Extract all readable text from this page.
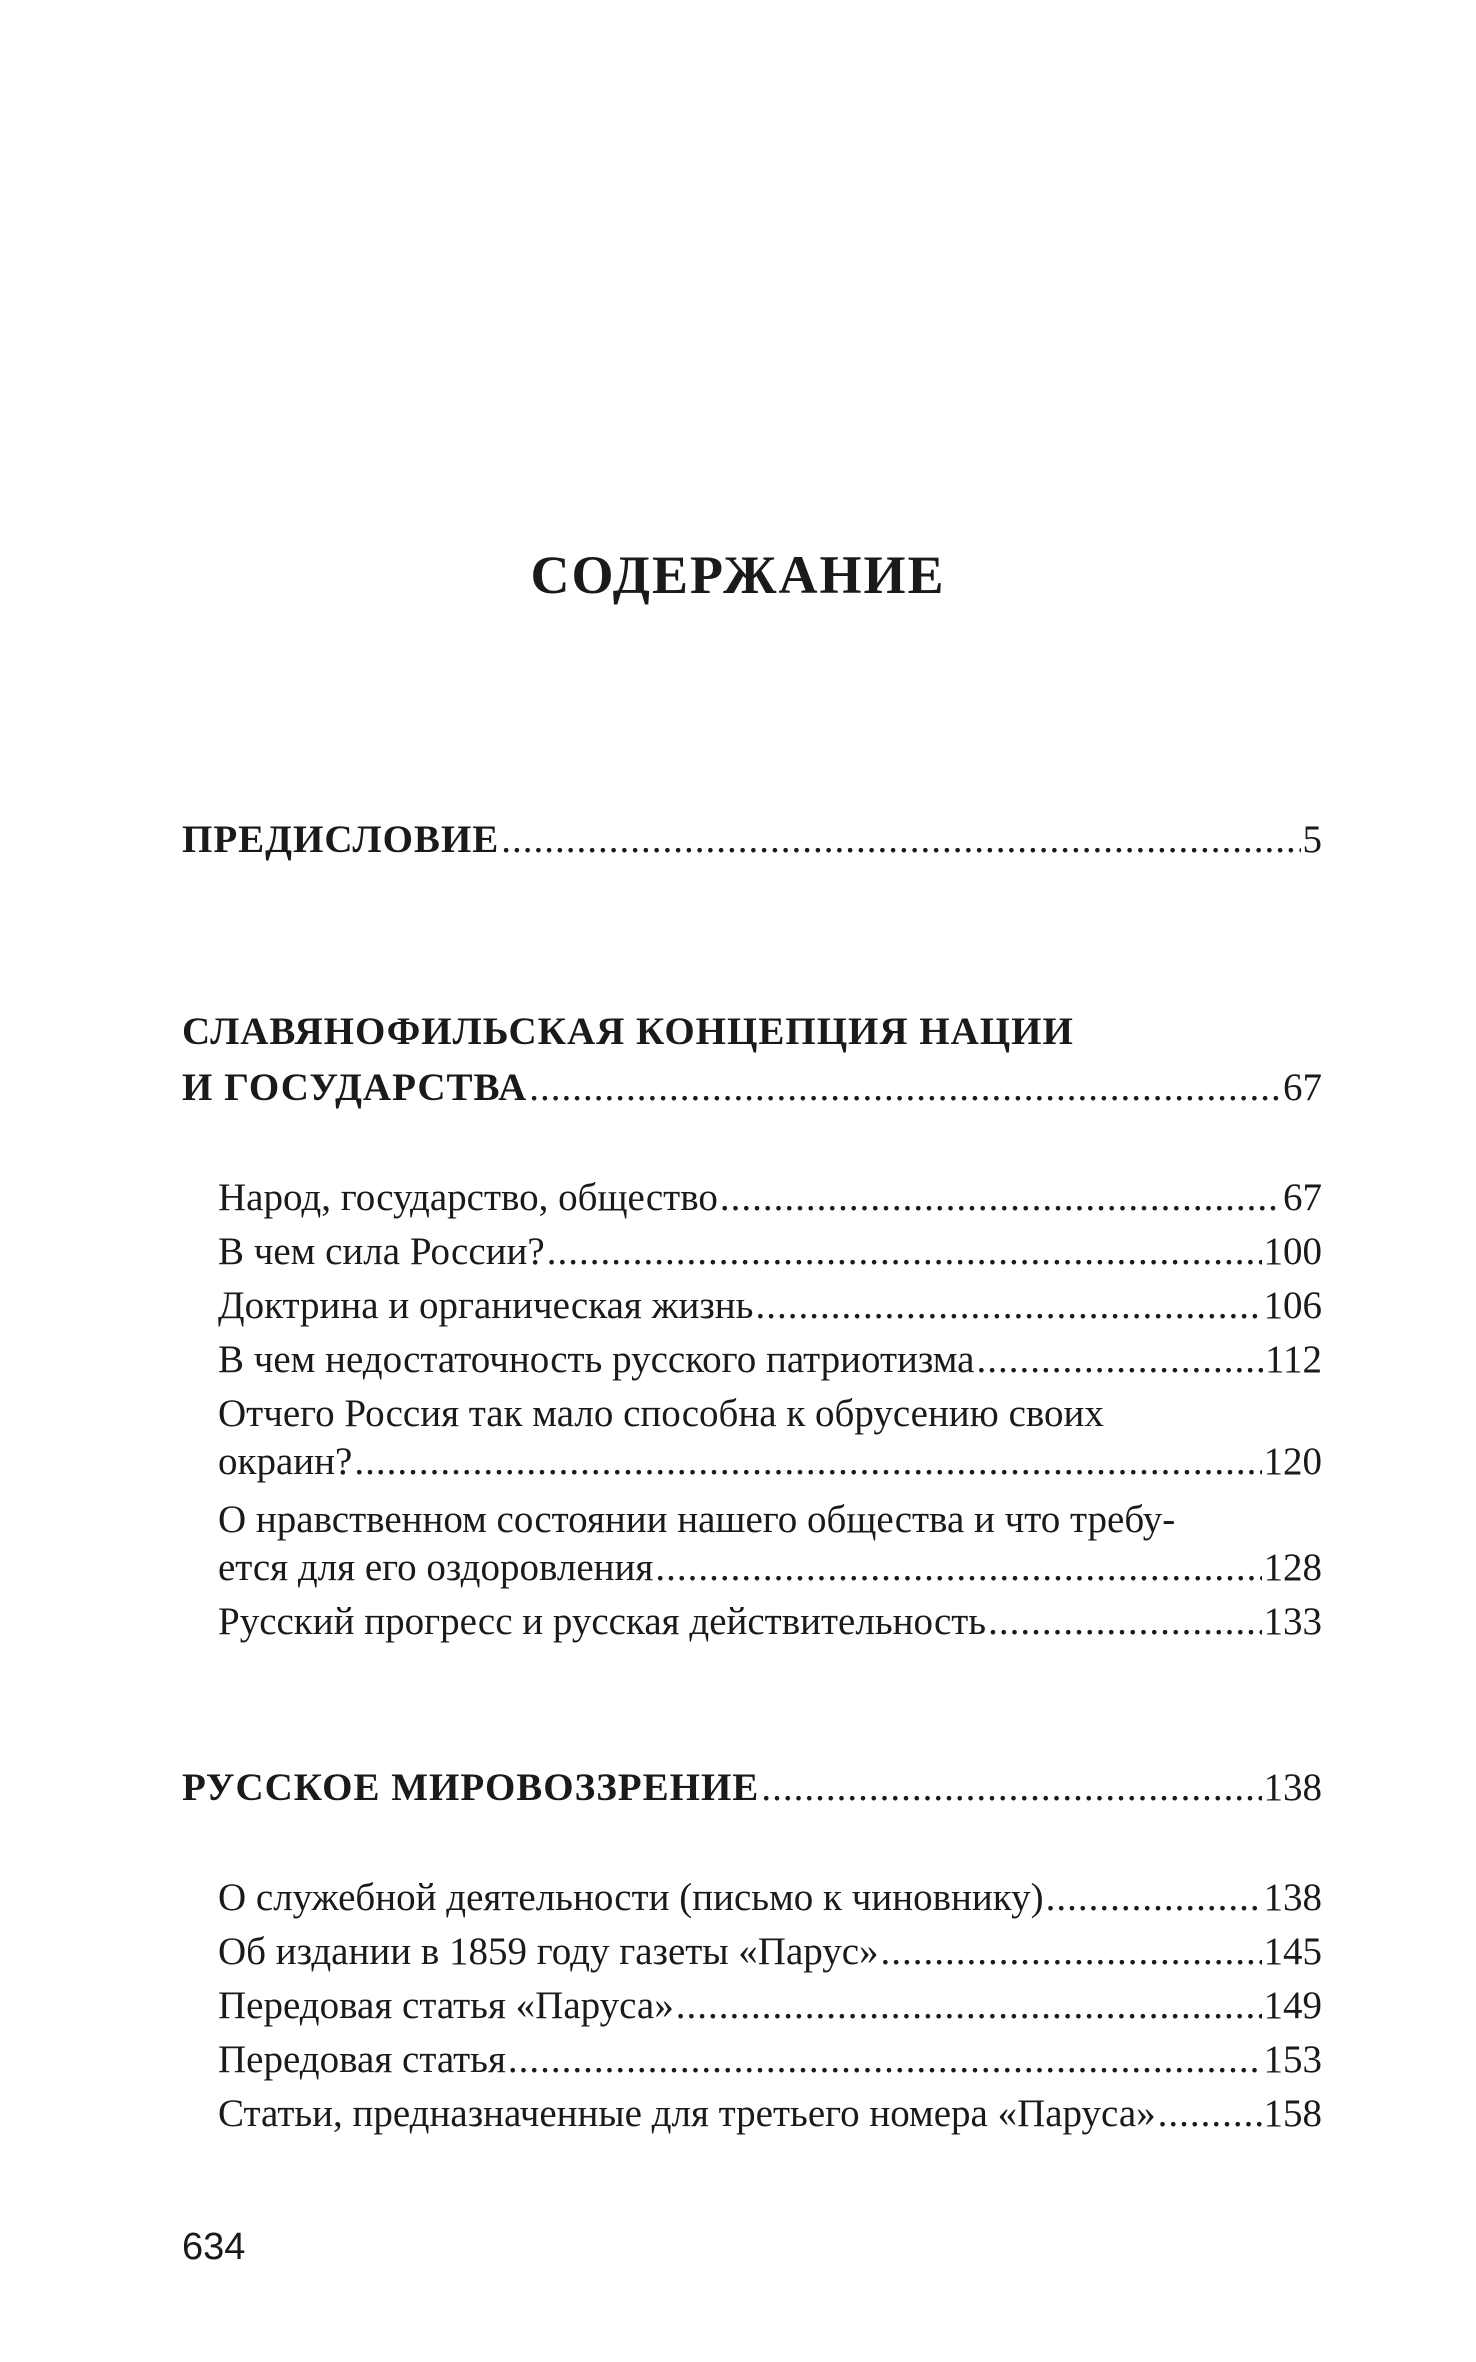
СОДЕРЖАНИЕ
ПРЕДИСЛОВИЕ .....	5
СЛАВЯНОФИЛЬСКАЯ КОНЦЕПЦИЯ НАЦИИ
И ГОСУДАРСТВА .....	67
Народ, государство, общество .....	67
В чем сила России? .....	100
Доктрина и органическая жизнь .....	106
В чем недостаточность русского патриотизма .....	112
Отчего Россия так мало способна к обрусению своих
окраин? .....	120
О нравственном состоянии нашего общества и что требу-
ется для его оздоровления .....	128
Русский прогресс и русская действительность .....	133
РУССКОЕ МИРОВОЗЗРЕНИЕ .....	138
О служебной деятельности (письмо к чиновнику) .....	138
Об издании в 1859 году газеты «Парус» .....	145
Передовая статья «Паруса» .....	149
Передовая статья .....	153
Статьи, предназначенные для третьего номера «Паруса» .....	158
634
